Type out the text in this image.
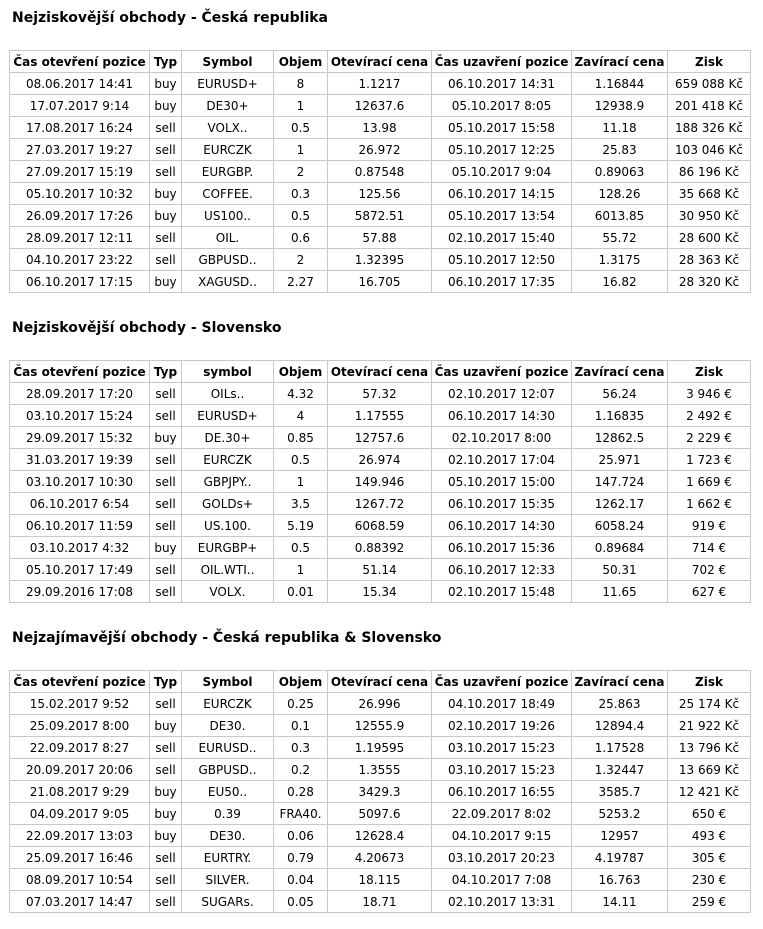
Nejziskovější obchody - Česká republika
Čas otevření pozice	Typ	Symbol	Objem	Otevírací cena	Čas uzavření pozice	Zavírací cena	Zisk
08.06.2017 14:41	buy	EURUSD+	8	1.1217	06.10.2017 14:31	1.16844	659 088 Kč
17.07.2017 9:14	buy	DE30+	1	12637.6	05.10.2017 8:05	12938.9	201 418 Kč
17.08.2017 16:24	sell	VOLX..	0.5	13.98	05.10.2017 15:58	11.18	188 326 Kč
27.03.2017 19:27	sell	EURCZK	1	26.972	05.10.2017 12:25	25.83	103 046 Kč
27.09.2017 15:19	sell	EURGBP.	2	0.87548	05.10.2017 9:04	0.89063	86 196 Kč
05.10.2017 10:32	buy	COFFEE.	0.3	125.56	06.10.2017 14:15	128.26	35 668 Kč
26.09.2017 17:26	buy	US100..	0.5	5872.51	05.10.2017 13:54	6013.85	30 950 Kč
28.09.2017 12:11	sell	OIL.	0.6	57.88	02.10.2017 15:40	55.72	28 600 Kč
04.10.2017 23:22	sell	GBPUSD..	2	1.32395	05.10.2017 12:50	1.3175	28 363 Kč
06.10.2017 17:15	buy	XAGUSD..	2.27	16.705	06.10.2017 17:35	16.82	28 320 Kč
Nejziskovější obchody - Slovensko
Čas otevření pozice	Typ	symbol	Objem	Otevírací cena	Čas uzavření pozice	Zavírací cena	Zisk
28.09.2017 17:20	sell	OILs..	4.32	57.32	02.10.2017 12:07	56.24	3 946 €
03.10.2017 15:24	sell	EURUSD+	4	1.17555	06.10.2017 14:30	1.16835	2 492 €
29.09.2017 15:32	buy	DE.30+	0.85	12757.6	02.10.2017 8:00	12862.5	2 229 €
31.03.2017 19:39	sell	EURCZK	0.5	26.974	02.10.2017 17:04	25.971	1 723 €
03.10.2017 10:30	sell	GBPJPY..	1	149.946	05.10.2017 15:00	147.724	1 669 €
06.10.2017 6:54	sell	GOLDs+	3.5	1267.72	06.10.2017 15:35	1262.17	1 662 €
06.10.2017 11:59	sell	US.100.	5.19	6068.59	06.10.2017 14:30	6058.24	919 €
03.10.2017 4:32	buy	EURGBP+	0.5	0.88392	06.10.2017 15:36	0.89684	714 €
05.10.2017 17:49	sell	OIL.WTI..	1	51.14	06.10.2017 12:33	50.31	702 €
29.09.2016 17:08	sell	VOLX.	0.01	15.34	02.10.2017 15:48	11.65	627 €
Nejzajímavější obchody - Česká republika & Slovensko
Čas otevření pozice	Typ	Symbol	Objem	Otevírací cena	Čas uzavření pozice	Zavírací cena	Zisk
15.02.2017 9:52	sell	EURCZK	0.25	26.996	04.10.2017 18:49	25.863	25 174 Kč
25.09.2017 8:00	buy	DE30.	0.1	12555.9	02.10.2017 19:26	12894.4	21 922 Kč
22.09.2017 8:27	sell	EURUSD..	0.3	1.19595	03.10.2017 15:23	1.17528	13 796 Kč
20.09.2017 20:06	sell	GBPUSD..	0.2	1.3555	03.10.2017 15:23	1.32447	13 669 Kč
21.08.2017 9:29	buy	EU50..	0.28	3429.3	06.10.2017 16:55	3585.7	12 421 Kč
04.09.2017 9:05	buy	0.39	FRA40.	5097.6	22.09.2017 8:02	5253.2	650 €
22.09.2017 13:03	buy	DE30.	0.06	12628.4	04.10.2017 9:15	12957	493 €
25.09.2017 16:46	sell	EURTRY.	0.79	4.20673	03.10.2017 20:23	4.19787	305 €
08.09.2017 10:54	sell	SILVER.	0.04	18.115	04.10.2017 7:08	16.763	230 €
07.03.2017 14:47	sell	SUGARs.	0.05	18.71	02.10.2017 13:31	14.11	259 €
